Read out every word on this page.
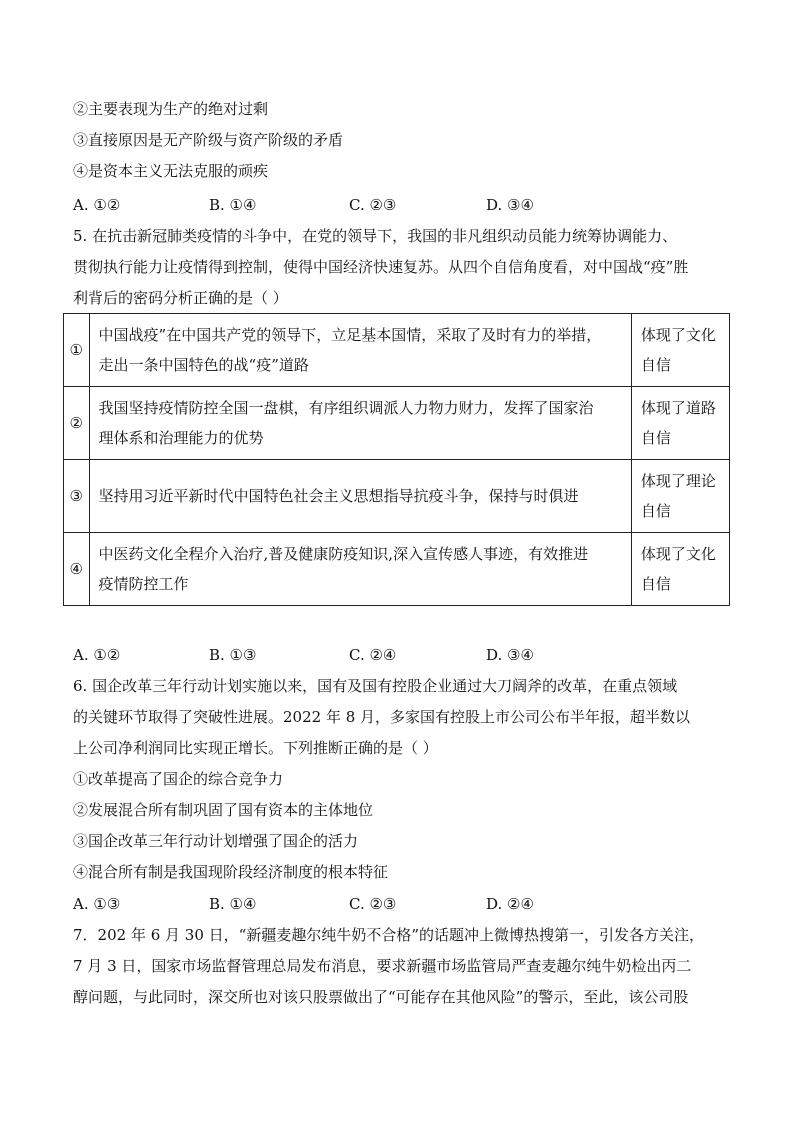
②主要表现为生产的绝对过剩
③直接原因是无产阶级与资产阶级的矛盾
④是资本主义无法克服的顽疾
A. ①②	B. ①④	C. ②③	D. ③④
5. 在抗击新冠肺类疫情的斗争中，在党的领导下，我国的非凡组织动员能力统筹协调能力、
贯彻执行能力让疫情得到控制，使得中国经济快速复苏。从四个自信角度看，对中国战“疫”胜
利背后的密码分析正确的是（ ）
①	中国战疫”在中国共产党的领导下，立足基本国情，采取了及时有力的举措，
走出一条中国特色的战“疫”道路	体现了文化
自信
②	我国坚持疫情防控全国一盘棋，有序组织调派人力物力财力，发挥了国家治
理体系和治理能力的优势	体现了道路
自信
③	坚持用习近平新时代中国特色社会主义思想指导抗疫斗争，保持与时俱进	体现了理论
自信
④	中医药文化全程介入治疗,普及健康防疫知识,深入宣传感人事迹，有效推进
疫情防控工作	体现了文化
自信
A. ①②	B. ①③	C. ②④	D. ③④
6. 国企改革三年行动计划实施以来，国有及国有控股企业通过大刀阔斧的改革，在重点领域
的关键环节取得了突破性进展。2022 年 8 月，多家国有控股上市公司公布半年报，超半数以
上公司净利润同比实现正增长。下列推断正确的是（ ）
①改革提高了国企的综合竞争力
②发展混合所有制巩固了国有资本的主体地位
③国企改革三年行动计划增强了国企的活力
④混合所有制是我国现阶段经济制度的根本特征
A. ①③	B. ①④	C. ②③	D. ②④
7．202 年 6 月 30 日，“新疆麦趣尔纯牛奶不合格”的话题冲上微博热搜第一，引发各方关注，
7 月 3 日，国家市场监督管理总局发布消息，要求新疆市场监管局严查麦趣尔纯牛奶检出丙二
醇问题，与此同时，深交所也对该只股票做出了“可能存在其他风险”的警示，至此，该公司股
